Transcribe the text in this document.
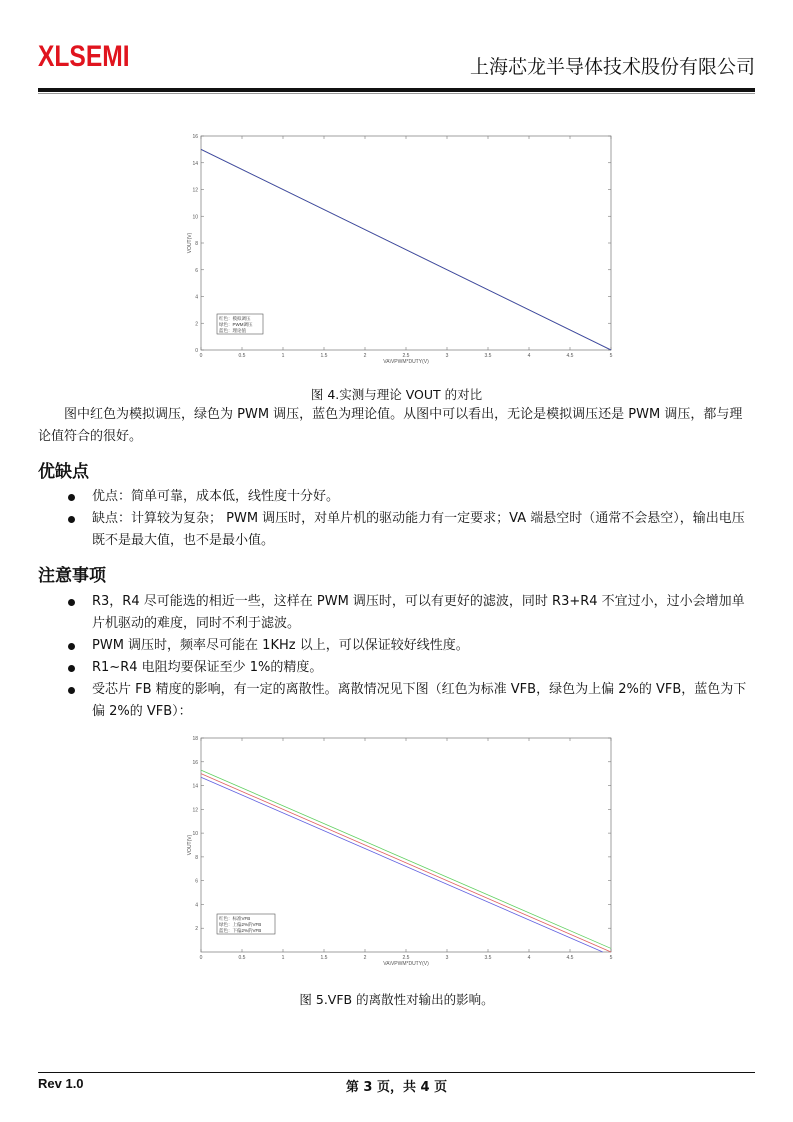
XLSEMI	上海芯龙半导体技术股份有限公司
0	0.5	1	1.5	2	2.5	3	3.5	4	4.5	5
0
2
4
6
8
10
12
14
16
VA\VPWM*DUTY(V)
VOUT(V)
红色：模拟调压
绿色：PWM调压
蓝色：理论值
图 4.实测与理论 VOUT 的对比
图中红色为模拟调压，绿色为 PWM 调压，蓝色为理论值。从图中可以看出，无论是模拟调压还是 PWM 调压，都与理论值符合的很好。
优缺点
优点：简单可靠，成本低，线性度十分好。
缺点：计算较为复杂； PWM 调压时，对单片机的驱动能力有一定要求；VA 端悬空时（通常不会悬空），输出电压既不是最大值，也不是最小值。
注意事项
R3，R4 尽可能选的相近一些，这样在 PWM 调压时，可以有更好的滤波，同时 R3+R4 不宜过小，过小会增加单片机驱动的难度，同时不利于滤波。
PWM 调压时，频率尽可能在 1KHz 以上，可以保证较好线性度。
R1~R4 电阻均要保证至少 1%的精度。
受芯片 FB 精度的影响，有一定的离散性。离散情况见下图（红色为标准 VFB，绿色为上偏 2%的 VFB，蓝色为下偏 2%的 VFB）：
0	0.5	1	1.5	2	2.5	3	3.5	4	4.5	5
2
4
6
8
10
12
14
16
18
VA\VPWM*DUTY(V)
VOUT(V)
红色：标准VFB
绿色：上偏2%的VFB
蓝色：下偏2%的VFB
图 5.VFB 的离散性对输出的影响。
Rev 1.0	第 3 页，共 4 页
